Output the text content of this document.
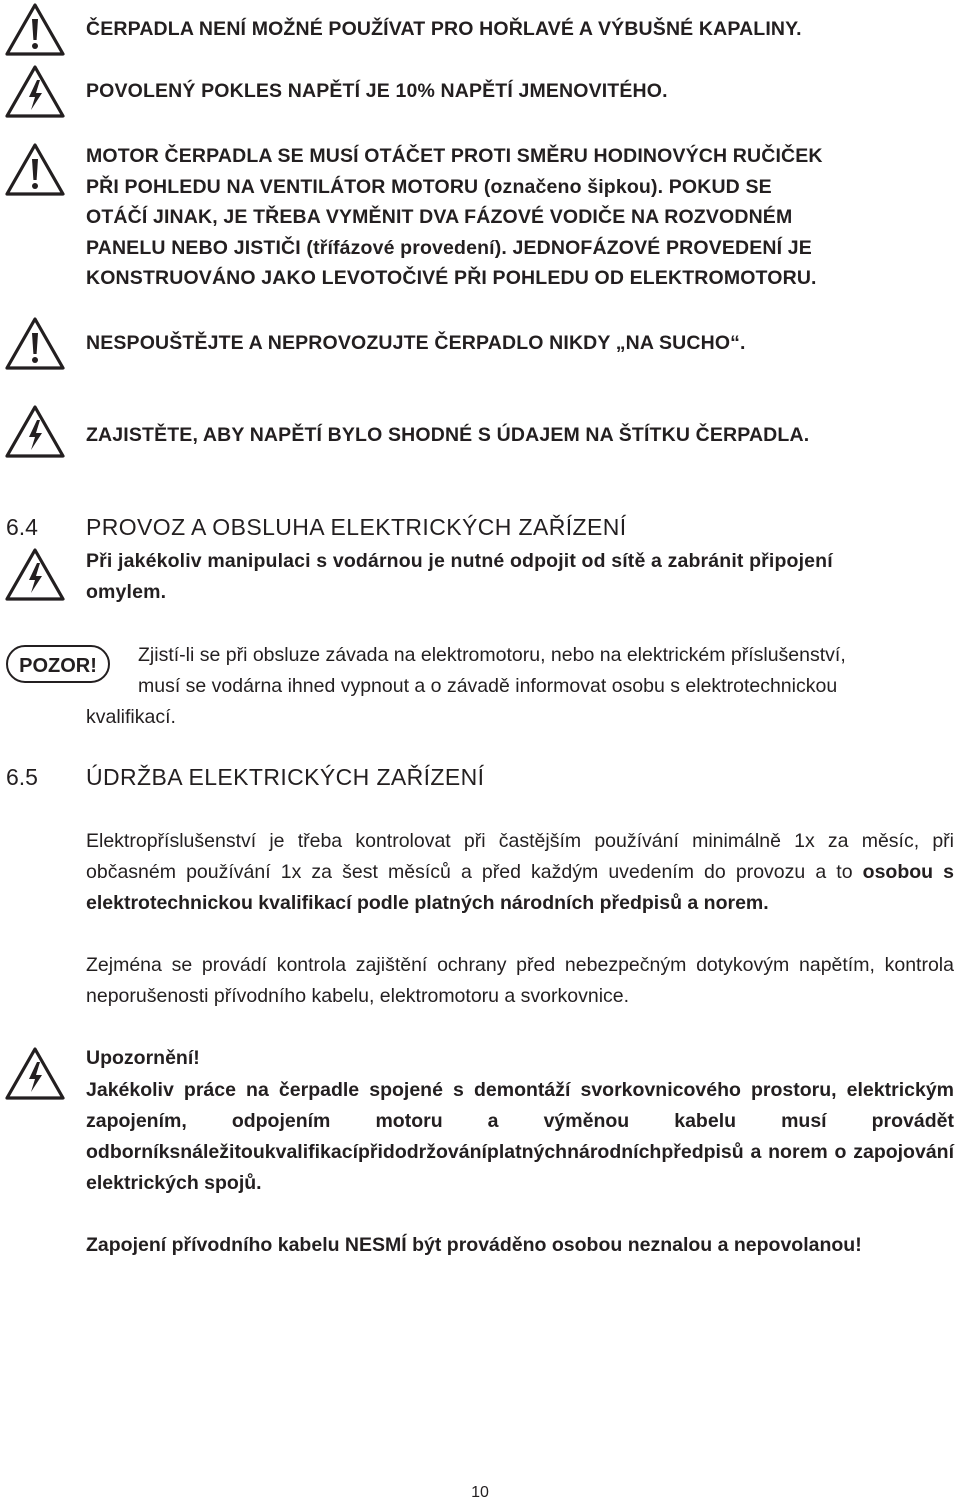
ČERPADLA NENÍ MOŽNÉ POUŽÍVAT PRO HOŘLAVÉ A VÝBUŠNÉ KAPALINY.
POVOLENÝ POKLES NAPĚTÍ JE 10% NAPĚTÍ JMENOVITÉHO.
MOTOR ČERPADLA SE MUSÍ OTÁČET PROTI SMĚRU HODINOVÝCH RUČIČEK
PŘI POHLEDU NA VENTILÁTOR MOTORU (označeno šipkou). POKUD SE
OTÁČÍ JINAK, JE TŘEBA VYMĚNIT DVA FÁZOVÉ VODIČE NA ROZVODNÉM
PANELU NEBO JISTIČI (třífázové provedení). JEDNOFÁZOVÉ PROVEDENÍ JE
KONSTRUOVÁNO JAKO LEVOTOČIVÉ PŘI POHLEDU OD ELEKTROMOTORU.
NESPOUŠTĚJTE A NEPROVOZUJTE ČERPADLO NIKDY „NA SUCHO“.
ZAJISTĚTE, ABY NAPĚTÍ BYLO SHODNÉ S ÚDAJEM NA ŠTÍTKU ČERPADLA.
6.4 PROVOZ A OBSLUHA ELEKTRICKÝCH ZAŘÍZENÍ
Při jakékoliv manipulaci s vodárnou je nutné odpojit od sítě a zabránit připojení
omylem.
POZOR!	Zjistí-li se při obsluze závada na elektromotoru, nebo na elektrickém příslušenství,
musí se vodárna ihned vypnout a o závadě informovat osobu s elektrotechnickou
kvalifikací.
6.5 ÚDRŽBA ELEKTRICKÝCH ZAŘÍZENÍ
Elektropříslušenství je třeba kontrolovat při častějším používání minimálně 1x za měsíc, při občasném používání 1x za šest měsíců a před každým uvedením do provozu a to osobou s elektrotechnickou kvalifikací podle platných národních předpisů a norem.
Zejména se provádí kontrola zajištění ochrany před nebezpečným dotykovým napětím, kontrola neporušenosti přívodního kabelu, elektromotoru a svorkovnice.
Upozornění!
Jakékoliv práce na čerpadle spojené s demontáží svorkovnicového prostoru, elektrickým zapojením, odpojením motoru a výměnou kabelu musí provádět odborníksnáležitoukvalifikacípřidodržováníplatnýchnárodníchpředpisů a norem o zapojování elektrických spojů.
Zapojení přívodního kabelu NESMÍ být prováděno osobou neznalou a nepovolanou!
10
